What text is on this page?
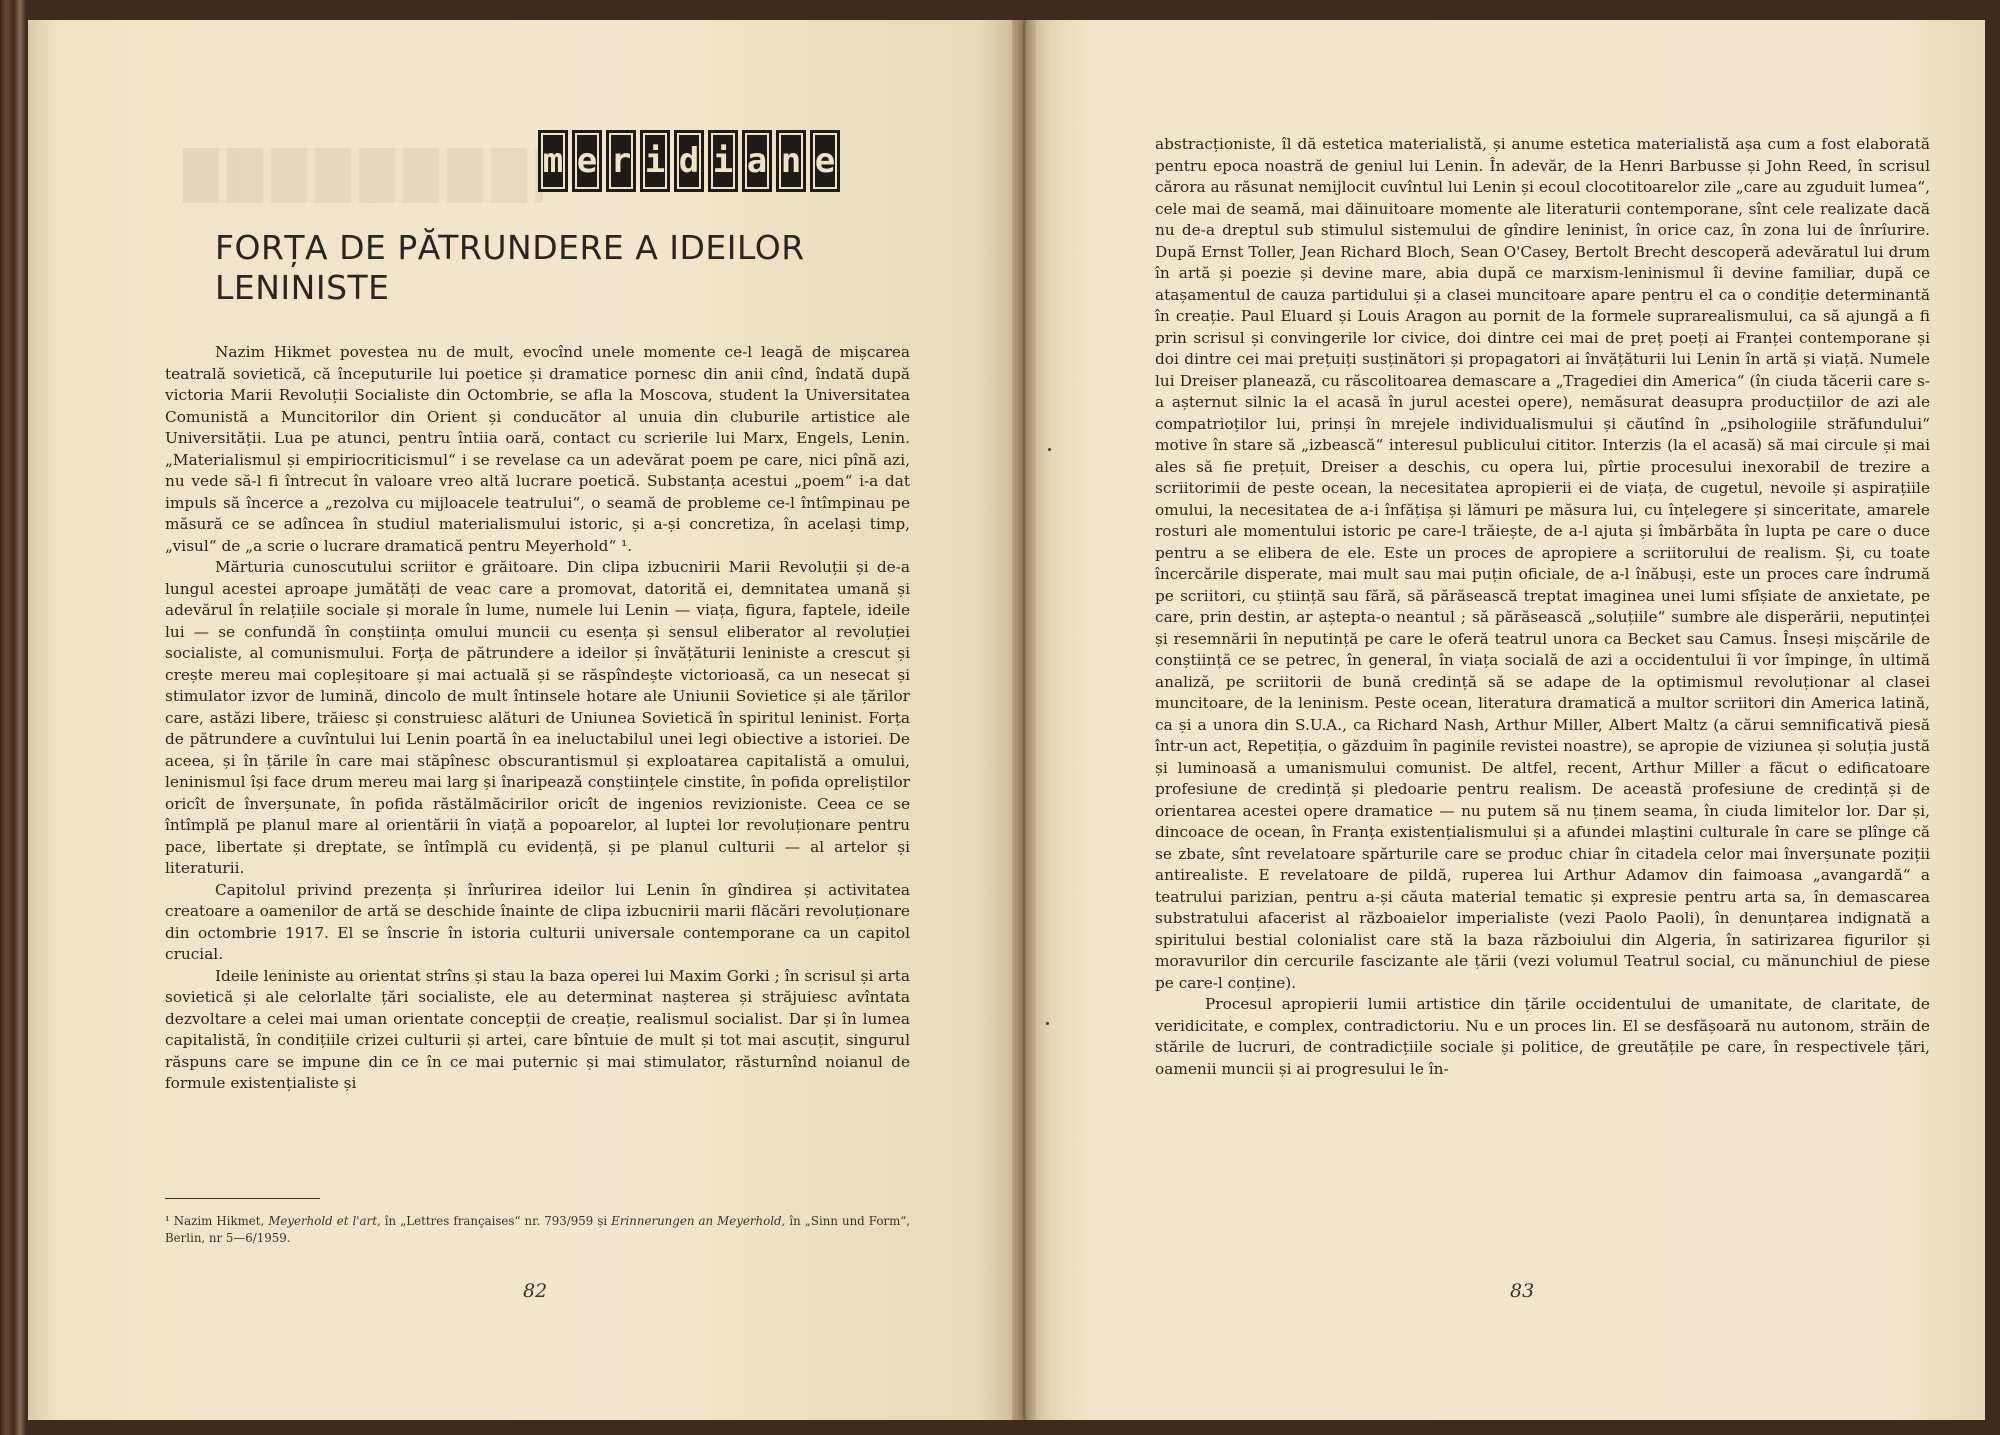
m e r i d i a n e
FORȚA DE PĂTRUNDERE A IDEILOR
LENINISTE

Nazim Hikmet povestea nu de mult, evocînd unele momente ce-l leagă de mișcarea teatrală sovietică, că începuturile lui poetice și dramatice pornesc din anii cînd, îndată după victoria Marii Revoluții Socialiste din Octombrie, se afla la Moscova, student la Universitatea Comunistă a Muncitorilor din Orient și conducător al unuia din cluburile artistice ale Universității. Lua pe atunci, pentru întiia oară, contact cu scrierile lui Marx, Engels, Lenin. „Materialismul și empiriocriticismul“ i se revelase ca un adevărat poem pe care, nici pînă azi, nu vede să-l fi întrecut în valoare vreo altă lucrare poetică. Substanța acestui „poem“ i-a dat impuls să încerce a „rezolva cu mijloacele teatrului“, o seamă de probleme ce-l întîmpinau pe măsură ce se adîncea în studiul materialismului istoric, și a-și concretiza, în același timp, „visul“ de „a scrie o lucrare dramatică pentru Meyerhold“ ¹.

Mărturia cunoscutului scriitor e grăitoare. Din clipa izbucnirii Marii Revoluții și de-a lungul acestei aproape jumătăți de veac care a promovat, datorită ei, demnitatea umană și adevărul în relațiile sociale și morale în lume, numele lui Lenin — viața, figura, faptele, ideile lui — se confundă în conștiința omului muncii cu esența și sensul eliberator al revoluției socialiste, al comunismului. Forța de pătrundere a ideilor și învățăturii leniniste a crescut și crește mereu mai copleșitoare și mai actuală și se răspîndește victorioasă, ca un nesecat și stimulator izvor de lumină, dincolo de mult întinsele hotare ale Uniunii Sovietice și ale țărilor care, astăzi libere, trăiesc și construiesc alături de Uniunea Sovietică în spiritul leninist. Forța de pătrundere a cuvîntului lui Lenin poartă în ea ineluctabilul unei legi obiective a istoriei. De aceea, și în țările în care mai stăpînesc obscurantismul și exploatarea capitalistă a omului, leninismul își face drum mereu mai larg și înaripează conștiințele cinstite, în pofida opreliștilor oricît de înverșunate, în pofida răstălmăcirilor oricît de ingenios revizioniste. Ceea ce se întîmplă pe planul mare al orientării în viață a popoarelor, al luptei lor revoluționare pentru pace, libertate și dreptate, se întîmplă cu evidență, și pe planul culturii — al artelor și literaturii.

Capitolul privind prezența și înrîurirea ideilor lui Lenin în gîndirea și activitatea creatoare a oamenilor de artă se deschide înainte de clipa izbucnirii marii flăcări revoluționare din octombrie 1917. El se înscrie în istoria culturii universale contemporane ca un capitol crucial.

Ideile leniniste au orientat strîns și stau la baza operei lui Maxim Gorki ; în scrisul și arta sovietică și ale celorlalte țări socialiste, ele au determinat nașterea și străjuiesc avîntata dezvoltare a celei mai uman orientate concepții de creație, realismul socialist. Dar și în lumea capitalistă, în condițiile crizei culturii și artei, care bîntuie de mult și tot mai ascuțit, singurul răspuns care se impune din ce în ce mai puternic și mai stimulator, răsturnînd noianul de formule existențialiste și

¹ Nazim Hikmet, Meyerhold et l'art, în „Lettres françaises“ nr. 793/959 și Erinnerungen an Meyerhold, în „Sinn und Form“, Berlin, nr 5—6/1959.

abstracționiste, îl dă estetica materialistă, și anume estetica materialistă așa cum a fost elaborată pentru epoca noastră de geniul lui Lenin. În adevăr, de la Henri Barbusse și John Reed, în scrisul cărora au răsunat nemijlocit cuvîntul lui Lenin și ecoul clocotitoarelor zile „care au zguduit lumea“, cele mai de seamă, mai dăinuitoare momente ale literaturii contemporane, sînt cele realizate dacă nu de-a dreptul sub stimulul sistemului de gîndire leninist, în orice caz, în zona lui de înrîurire. După Ernst Toller, Jean Richard Bloch, Sean O'Casey, Bertolt Brecht descoperă adevăratul lui drum în artă și poezie și devine mare, abia după ce marxism-leninismul îi devine familiar, după ce atașamentul de cauza partidului și a clasei muncitoare apare pentru el ca o condiție determinantă în creație. Paul Eluard și Louis Aragon au pornit de la formele suprarealismului, ca să ajungă a fi prin scrisul și convingerile lor civice, doi dintre cei mai de preț poeți ai Franței contemporane și doi dintre cei mai prețuiți susținători și propagatori ai învățăturii lui Lenin în artă și viață. Numele lui Dreiser planează, cu răscolitoarea demascare a „Tragediei din America“ (în ciuda tăcerii care s-a așternut silnic la el acasă în jurul acestei opere), nemăsurat deasupra producțiilor de azi ale compatrioților lui, prinși în mrejele individualismului și căutînd în „psihologiile străfundului“ motive în stare să „izbească“ interesul publicului cititor. Interzis (la el acasă) să mai circule și mai ales să fie prețuit, Dreiser a deschis, cu opera lui, pîrtie procesului inexorabil de trezire a scriitorimii de peste ocean, la necesitatea apropierii ei de viața, de cugetul, nevoile și aspirațiile omului, la necesitatea de a-i înfățișa și lămuri pe măsura lui, cu înțelegere și sinceritate, amarele rosturi ale momentului istoric pe care-l trăiește, de a-l ajuta și îmbărbăta în lupta pe care o duce pentru a se elibera de ele. Este un proces de apropiere a scriitorului de realism. Și, cu toate încercările disperate, mai mult sau mai puțin oficiale, de a-l înăbuși, este un proces care îndrumă pe scriitori, cu știință sau fără, să părăsească treptat imaginea unei lumi sfîșiate de anxietate, pe care, prin destin, ar aștepta-o neantul ; să părăsească „soluțiile“ sumbre ale disperării, neputinței și resemnării în neputință pe care le oferă teatrul unora ca Becket sau Camus. Înseși mișcările de conștiință ce se petrec, în general, în viața socială de azi a occidentului îi vor împinge, în ultimă analiză, pe scriitorii de bună credință să se adape de la optimismul revoluționar al clasei muncitoare, de la leninism. Peste ocean, literatura dramatică a multor scriitori din America latină, ca și a unora din S.U.A., ca Richard Nash, Arthur Miller, Albert Maltz (a cărui semnificativă piesă într-un act, Repetiția, o găzduim în paginile revistei noastre), se apropie de viziunea și soluția justă și luminoasă a umanismului comunist. De altfel, recent, Arthur Miller a făcut o edificatoare profesiune de credință și pledoarie pentru realism. De această profesiune de credință și de orientarea acestei opere dramatice — nu putem să nu ținem seama, în ciuda limitelor lor. Dar și, dincoace de ocean, în Franța existențialismului și a afundei mlaștini culturale în care se plînge că se zbate, sînt revelatoare spărturile care se produc chiar în citadela celor mai înverșunate poziții antirealiste. E revelatoare de pildă, ruperea lui Arthur Adamov din faimoasa „avangardă“ a teatrului parizian, pentru a-și căuta material tematic și expresie pentru arta sa, în demascarea substratului afacerist al războaielor imperialiste (vezi Paolo Paoli), în denunțarea indignată a spiritului bestial colonialist care stă la baza războiului din Algeria, în satirizarea figurilor și moravurilor din cercurile fascizante ale țării (vezi volumul Teatrul social, cu mănunchiul de piese pe care-l conține).

Procesul apropierii lumii artistice din țările occidentului de umanitate, de claritate, de veridicitate, e complex, contradictoriu. Nu e un proces lin. El se desfășoară nu autonom, străin de stările de lucruri, de contradicțiile sociale și politice, de greutățile pe care, în respectivele țări, oamenii muncii și ai progresului le în-

82	83
